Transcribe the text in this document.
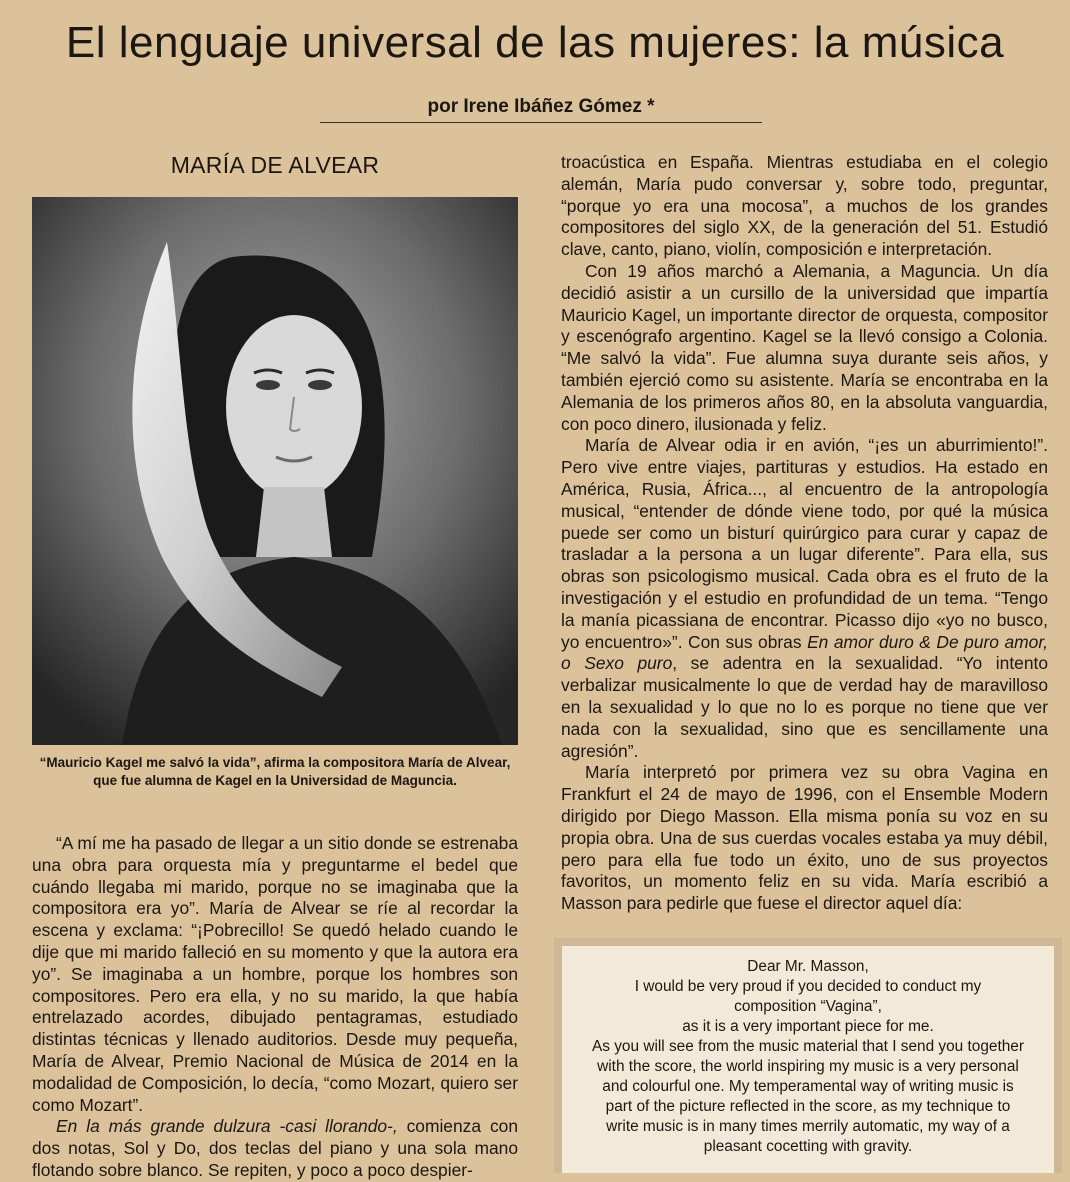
El lenguaje universal de las mujeres: la música
por Irene Ibáñez Gómez *
MARÍA DE ALVEAR
“Mauricio Kagel me salvó la vida”, afirma la compositora María de Alvear, que fue alumna de Kagel en la Universidad de Maguncia.

“A mí me ha pasado de llegar a un sitio donde se estrenaba una obra para orquesta mía y preguntarme el bedel que cuándo llegaba mi marido, porque no se imaginaba que la compositora era yo”. María de Alvear se ríe al recordar la escena y exclama: “¡Pobrecillo! Se quedó helado cuando le dije que mi marido falleció en su momento y que la autora era yo”. Se imaginaba a un hombre, porque los hombres son compositores. Pero era ella, y no su marido, la que había entrelazado acordes, dibujado pentagramas, estudiado distintas técnicas y llenado auditorios. Desde muy pequeña, María de Alvear, Premio Nacional de Música de 2014 en la modalidad de Composición, lo decía, “como Mozart, quiero ser como Mozart”.

En la más grande dulzura -casi llorando-, comienza con dos notas, Sol y Do, dos teclas del piano y una sola mano flotando sobre blanco. Se repiten, y poco a poco despier-

troacústica en España. Mientras estudiaba en el colegio alemán, María pudo conversar y, sobre todo, preguntar, “porque yo era una mocosa”, a muchos de los grandes compositores del siglo XX, de la generación del 51. Estudió clave, canto, piano, violín, composición e interpretación.

Con 19 años marchó a Alemania, a Maguncia. Un día decidió asistir a un cursillo de la universidad que impartía Mauricio Kagel, un importante director de orquesta, compositor y escenógrafo argentino. Kagel se la llevó consigo a Colonia. “Me salvó la vida”. Fue alumna suya durante seis años, y también ejerció como su asistente. María se encontraba en la Alemania de los primeros años 80, en la absoluta vanguardia, con poco dinero, ilusionada y feliz.

María de Alvear odia ir en avión, “¡es un aburrimiento!”. Pero vive entre viajes, partituras y estudios. Ha estado en América, Rusia, África..., al encuentro de la antropología musical, “entender de dónde viene todo, por qué la música puede ser como un bisturí quirúrgico para curar y capaz de trasladar a la persona a un lugar diferente”. Para ella, sus obras son psicologismo musical. Cada obra es el fruto de la investigación y el estudio en profundidad de un tema. “Tengo la manía picassiana de encontrar. Picasso dijo «yo no busco, yo encuentro»”. Con sus obras En amor duro & De puro amor, o Sexo puro, se adentra en la sexualidad. “Yo intento verbalizar musicalmente lo que de verdad hay de maravilloso en la sexualidad y lo que no lo es porque no tiene que ver nada con la sexualidad, sino que es sencillamente una agresión”.

María interpretó por primera vez su obra Vagina en Frankfurt el 24 de mayo de 1996, con el Ensemble Modern dirigido por Diego Masson. Ella misma ponía su voz en su propia obra. Una de sus cuerdas vocales estaba ya muy débil, pero para ella fue todo un éxito, uno de sus proyectos favoritos, un momento feliz en su vida. María escribió a Masson para pedirle que fuese el director aquel día:

Dear Mr. Masson,
I would be very proud if you decided to conduct my
composition “Vagina”,
as it is a very important piece for me.
As you will see from the music material that I send you together
with the score, the world inspiring my music is a very personal
and colourful one. My temperamental way of writing music is
part of the picture reflected in the score, as my technique to
write music is in many times merrily automatic, my way of a
pleasant cocetting with gravity.
